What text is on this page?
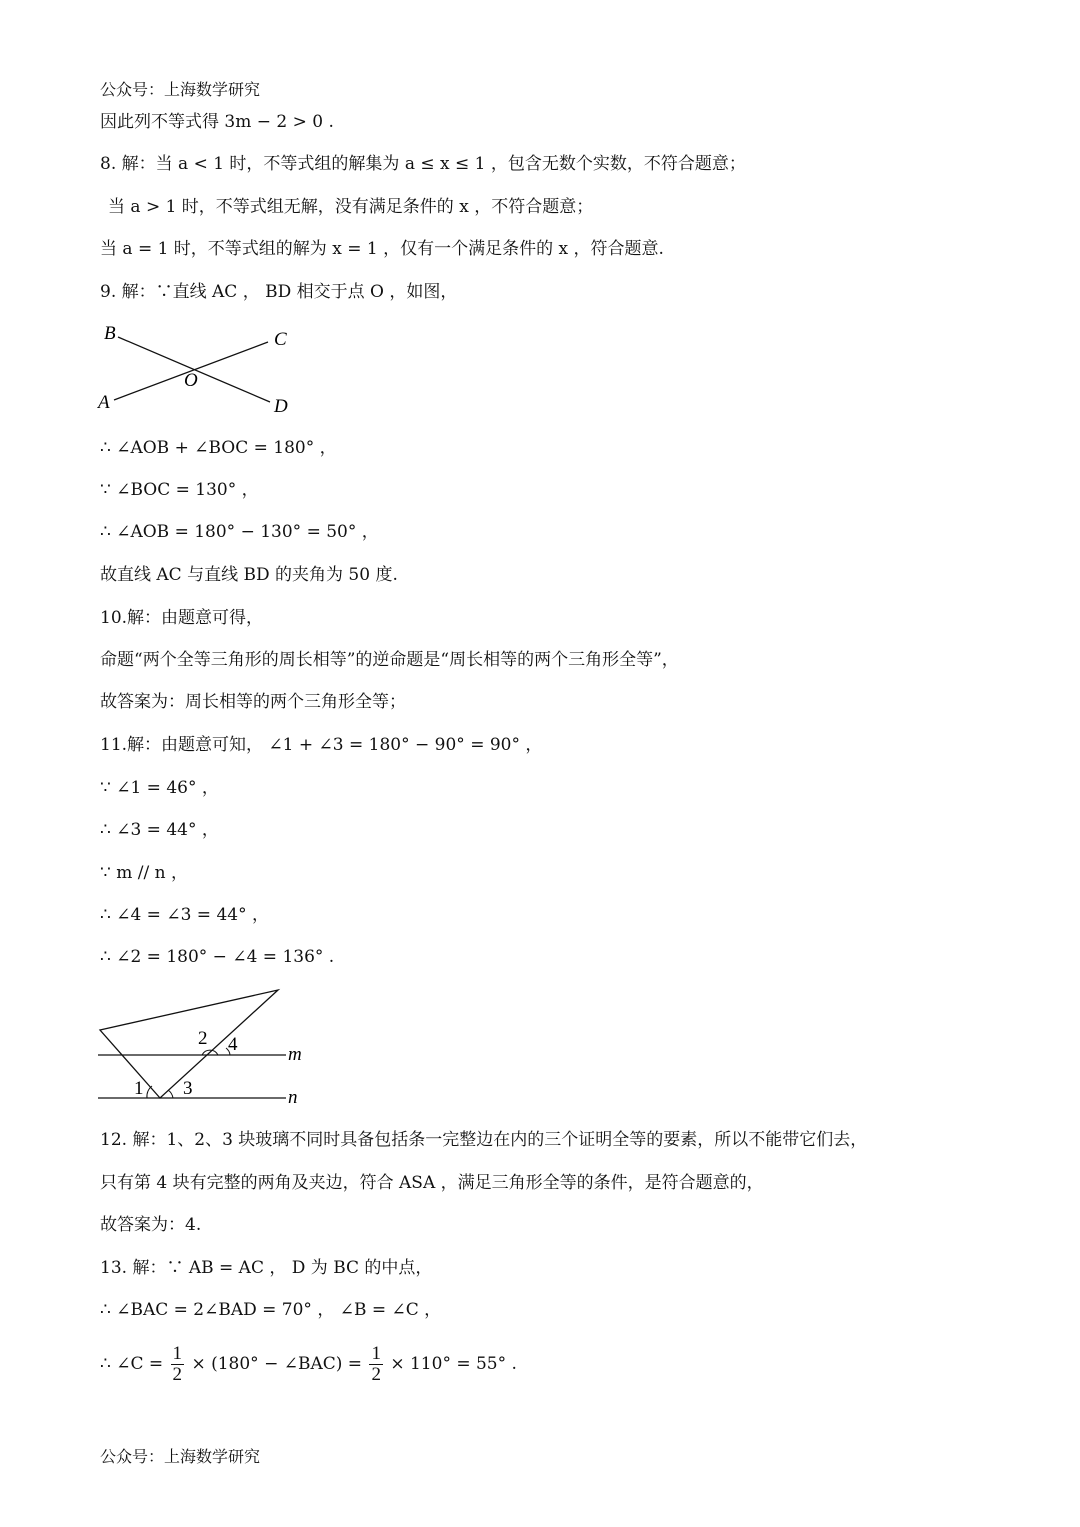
公众号：上海数学研究
因此列不等式得 3m − 2 > 0 .
8. 解：当 a < 1 时，不等式组的解集为 a ≤ x ≤ 1 ，包含无数个实数，不符合题意；
当 a > 1 时，不等式组无解，没有满足条件的 x ，不符合题意；
当 a = 1 时，不等式组的解为 x = 1 ，仅有一个满足条件的 x ，符合题意.
9. 解：∵直线 AC ， BD 相交于点 O ，如图，
B	C
O
A	D
∴ ∠AOB + ∠BOC = 180° ，
∵ ∠BOC = 130° ，
∴ ∠AOB = 180° − 130° = 50° ，
故直线 AC 与直线 BD 的夹角为 50 度.
10.解：由题意可得，
命题“两个全等三角形的周长相等”的逆命题是“周长相等的两个三角形全等”，
故答案为：周长相等的两个三角形全等；
11.解：由题意可知， ∠1 + ∠3 = 180° − 90° = 90° ，
∵ ∠1 = 46° ，
∴ ∠3 = 44° ，
∵ m // n ，
∴ ∠4 = ∠3 = 44° ，
∴ ∠2 = 180° − ∠4 = 136° .
2 4	m
1 3	n
12. 解：1、2、3 块玻璃不同时具备包括条一完整边在内的三个证明全等的要素，所以不能带它们去，
只有第 4 块有完整的两角及夹边，符合 ASA ，满足三角形全等的条件，是符合题意的，
故答案为：4.
13. 解：∵ AB = AC ， D 为 BC 的中点，
∴ ∠BAC = 2∠BAD = 70° ， ∠B = ∠C ，
∴ ∠C = $\frac{1}{2} \times (180^\circ$ − ∠BAC) = $\frac{1}{2} \times 110^\circ = 55^\circ$ .
公众号：上海数学研究
